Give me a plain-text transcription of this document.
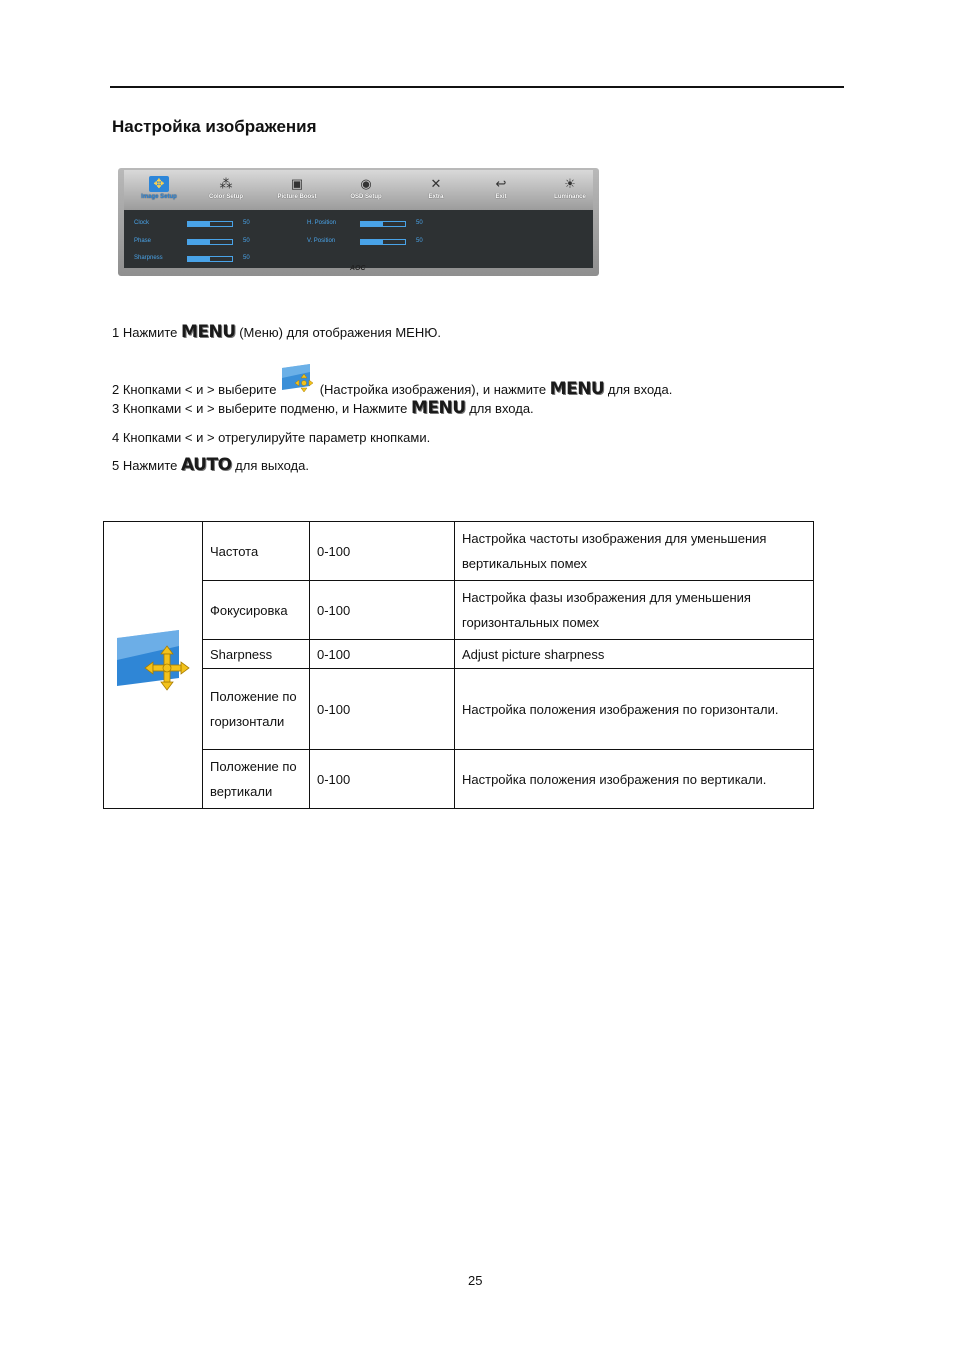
Настройка изображения
✥
Image Setup
⁂
Color Setup
▣
Picture Boost
◉
OSD Setup
✕
Extra
↩
Exit
☀
Luminance
Clock	50
Phase	50
Sharpness	50
H. Position	50
V. Position	50
AOC
1 Нажмите MENU (Меню) для отображения МЕНЮ.
2 Кнопками < и > выберите	(Настройка изображения), и нажмите MENU для входа.
3 Кнопками < и > выберите подменю, и Нажмите MENU для входа.
4 Кнопками < и > отрегулируйте параметр кнопками.
5 Нажмите AUTO для выхода.
	Частота	0-100	Настройка частоты изображения для уменьшения вертикальных помех
	Фокусировка	0-100	Настройка фазы изображения для уменьшения горизонтальных помех
	Sharpness	0-100	Adjust picture sharpness
	Положение по горизонтали	0-100	Настройка положения изображения по горизонтали.
	Положение по вертикали	0-100	Настройка положения изображения по вертикали.
25
